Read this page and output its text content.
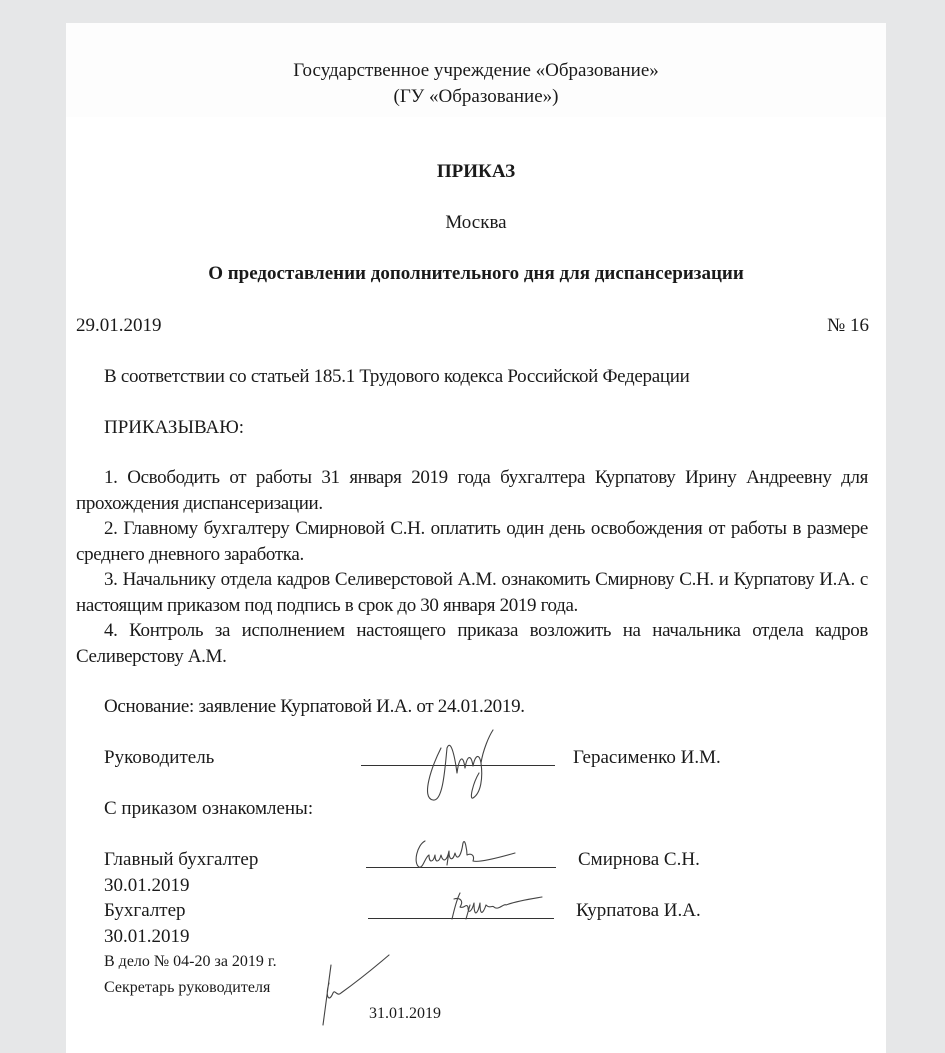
Государственное учреждение «Образование»
(ГУ «Образование»)
ПРИКАЗ
Москва
О предоставлении дополнительного дня для диспансеризации
29.01.2019	№ 16
В соответствии со статьей 185.1 Трудового кодекса Российской Федерации
ПРИКАЗЫВАЮ:

1. Освободить от работы 31 января 2019 года бухгалтера Курпатову Ирину Андреевну для прохождения диспансеризации.

2. Главному бухгалтеру Смирновой С.Н. оплатить один день освобождения от работы в размере среднего дневного заработка.

3. Начальнику отдела кадров Селиверстовой А.М. ознакомить Смирнову С.Н. и Курпатову И.А. с настоящим приказом под подпись в срок до 30 января 2019 года.

4. Контроль за исполнением настоящего приказа возложить на начальника отдела кадров Селиверстову А.М.

Основание: заявление Курпатовой И.А. от 24.01.2019.
Руководитель	Герасименко И.М.
С приказом ознакомлены:
Главный бухгалтер	Смирнова С.Н.
30.01.2019
Бухгалтер	Курпатова И.А.
30.01.2019
В дело № 04-20 за 2019 г.
Секретарь руководителя
31.01.2019
